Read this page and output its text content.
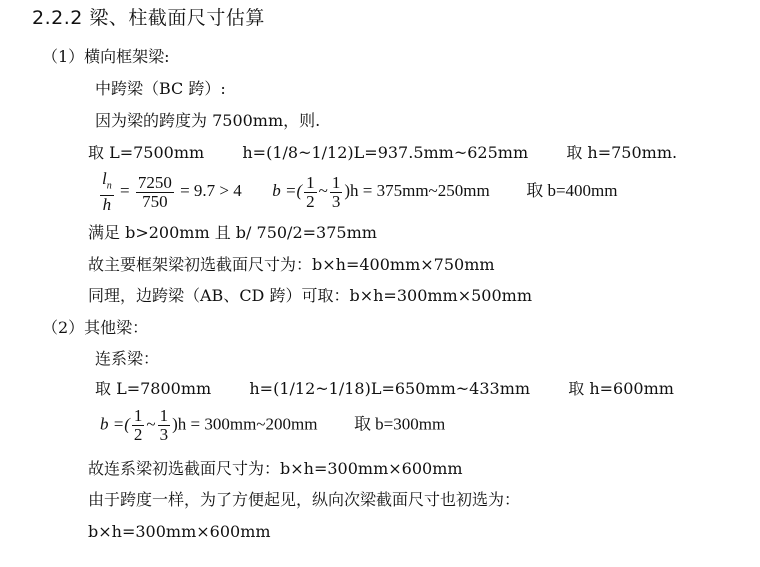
2.2.2 梁、柱截面尺寸估算
（1）横向框架梁:
中跨梁（BC 跨）:
因为梁的跨度为 7500mm，则.
取 L=7500mm h=(1/8~1/12)L=937.5mm~625mm 取 h=750mm.
$\frac{l_n}{h} = \frac{7250}{750} = 9.7 > 4$ b =( $\frac{1}{2}$ ~ $\frac{1}{3} )h$ = 375mm~250mm 取 b=400mm
满足 b>200mm 且 b/ 750/2=375mm
故主要框架梁初选截面尺寸为：b×h=400mm×750mm
同理，边跨梁（AB、CD 跨）可取：b×h=300mm×500mm
（2）其他梁：
连系梁：
取 L=7800mm h=(1/12~1/18)L=650mm~433mm 取 h=600mm
b =( $\frac{1}{2}$ ~ $\frac{1}{3} )h$ = 300mm~200mm 取 b=300mm
故连系梁初选截面尺寸为：b×h=300mm×600mm
由于跨度一样，为了方便起见，纵向次梁截面尺寸也初选为：
b×h=300mm×600mm
